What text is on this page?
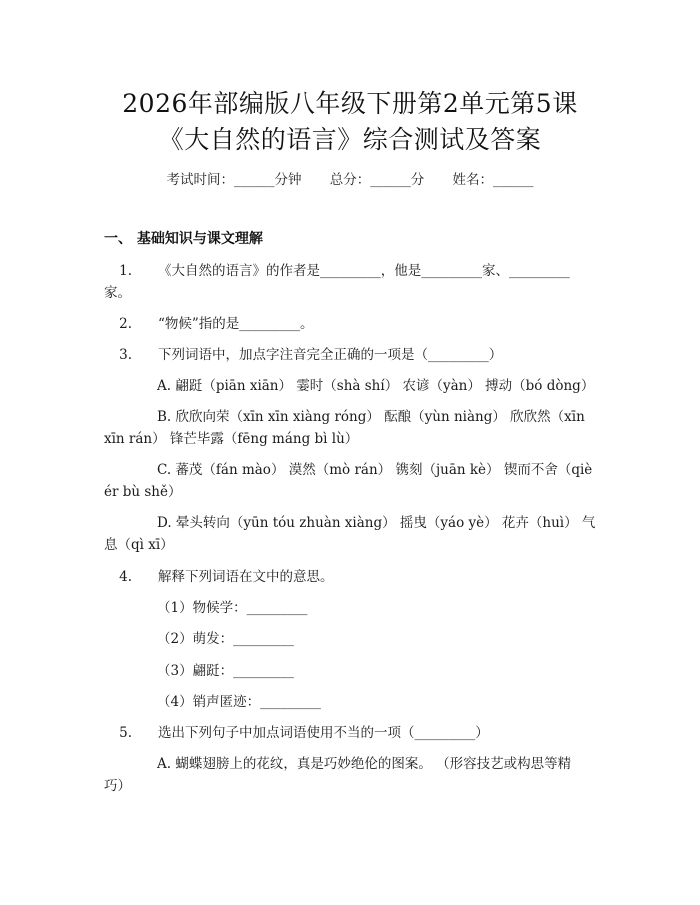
2026年部编版八年级下册第2单元第5课
《大自然的语言》综合测试及答案
考试时间：______分钟 总分：______分 姓名：______
一、 基础知识与课文理解
1. 《大自然的语言》的作者是_________，他是_________家、_________
家。
2. “物候”指的是_________。
3. 下列词语中，加点字注音完全正确的一项是（_________）
A. 翩跹（piān xiān） 霎时（shà shí） 农谚（yàn） 搏动（bó dòng）
B. 欣欣向荣（xīn xīn xiàng róng） 酝酿（yùn niàng） 欣欣然（xīn
xīn rán） 锋芒毕露（fēng máng bì lù）
C. 蕃茂（fán mào） 漠然（mò rán） 镌刻（juān kè） 锲而不舍（qiè
ér bù shě）
D. 晕头转向（yūn tóu zhuàn xiàng） 摇曳（yáo yè） 花卉（huì） 气
息（qì xī）
4. 解释下列词语在文中的意思。
（1）物候学：_________
（2）萌发：_________
（3）翩跹：_________
（4）销声匿迹：_________
5. 选出下列句子中加点词语使用不当的一项（_________）
A. 蝴蝶翅膀上的花纹，真是巧妙绝伦的图案。 （形容技艺或构思等精
巧）
